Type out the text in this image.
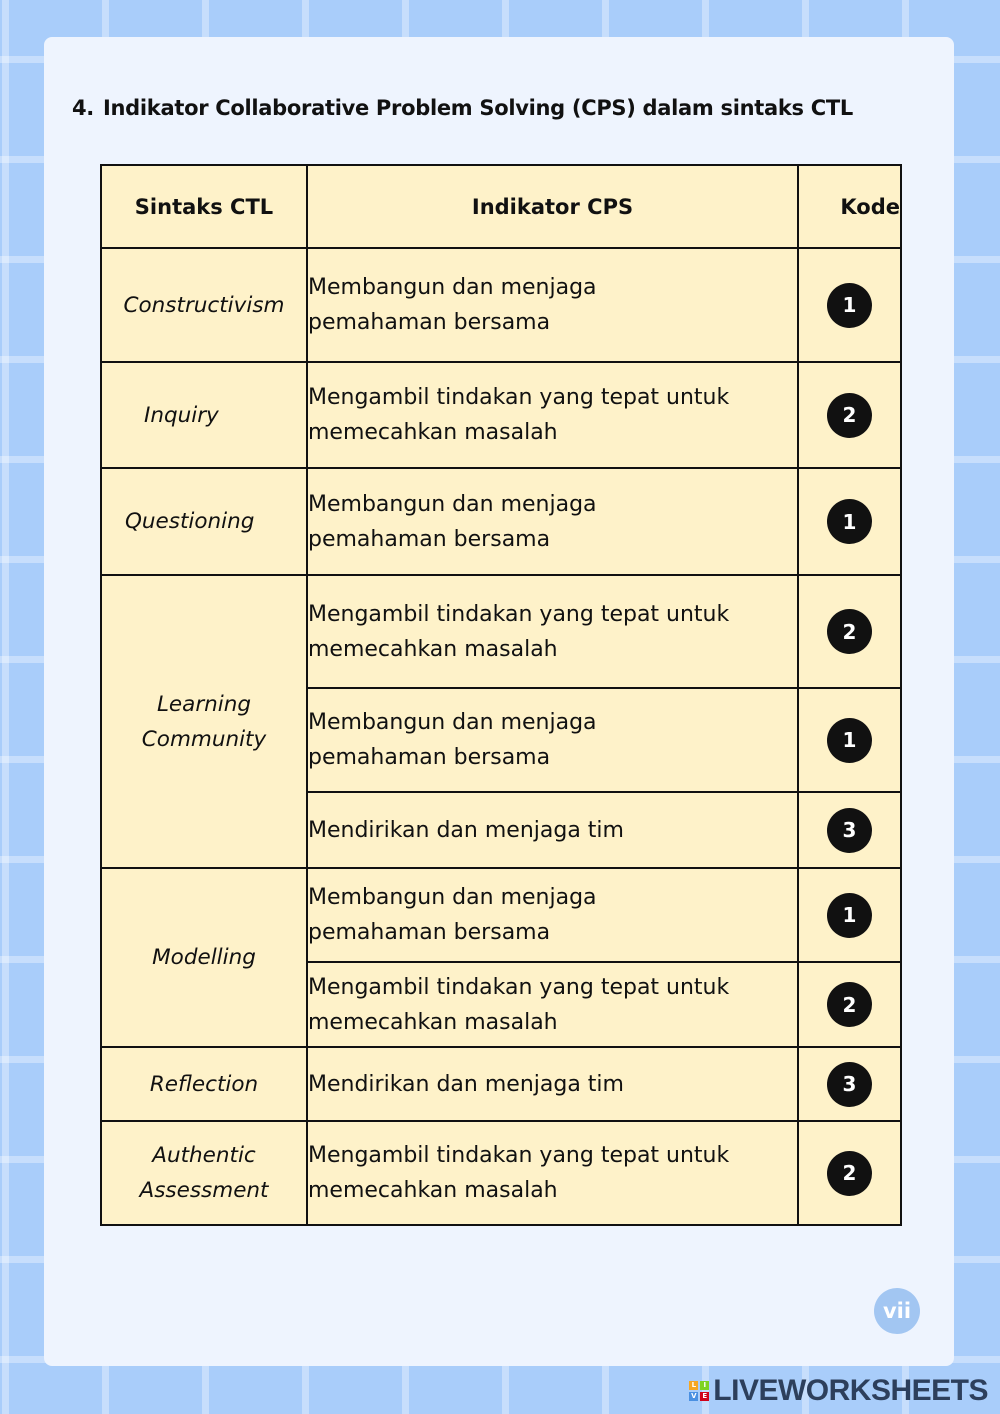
4. Indikator Collaborative Problem Solving (CPS) dalam sintaks CTL
Sintaks CTL	Indikator CPS	Kode
Constructivism	Membangun dan menjaga
pemahaman bersama	1
Inquiry	Mengambil tindakan yang tepat untuk
memecahkan masalah	2
Questioning	Membangun dan menjaga
pemahaman bersama	1
Learning Community	Mengambil tindakan yang tepat untuk
memecahkan masalah	2

	Membangun dan menjaga
pemahaman bersama	1

	Mendirikan dan menjaga tim	3
Modelling	Membangun dan menjaga
pemahaman bersama	1

	Mengambil tindakan yang tepat untuk
memecahkan masalah	2
Reflection	Mendirikan dan menjaga tim	3
Authentic Assessment	Mengambil tindakan yang tepat untuk
memecahkan masalah	2
vii
L	I
V E LIVEWORKSHEETS
